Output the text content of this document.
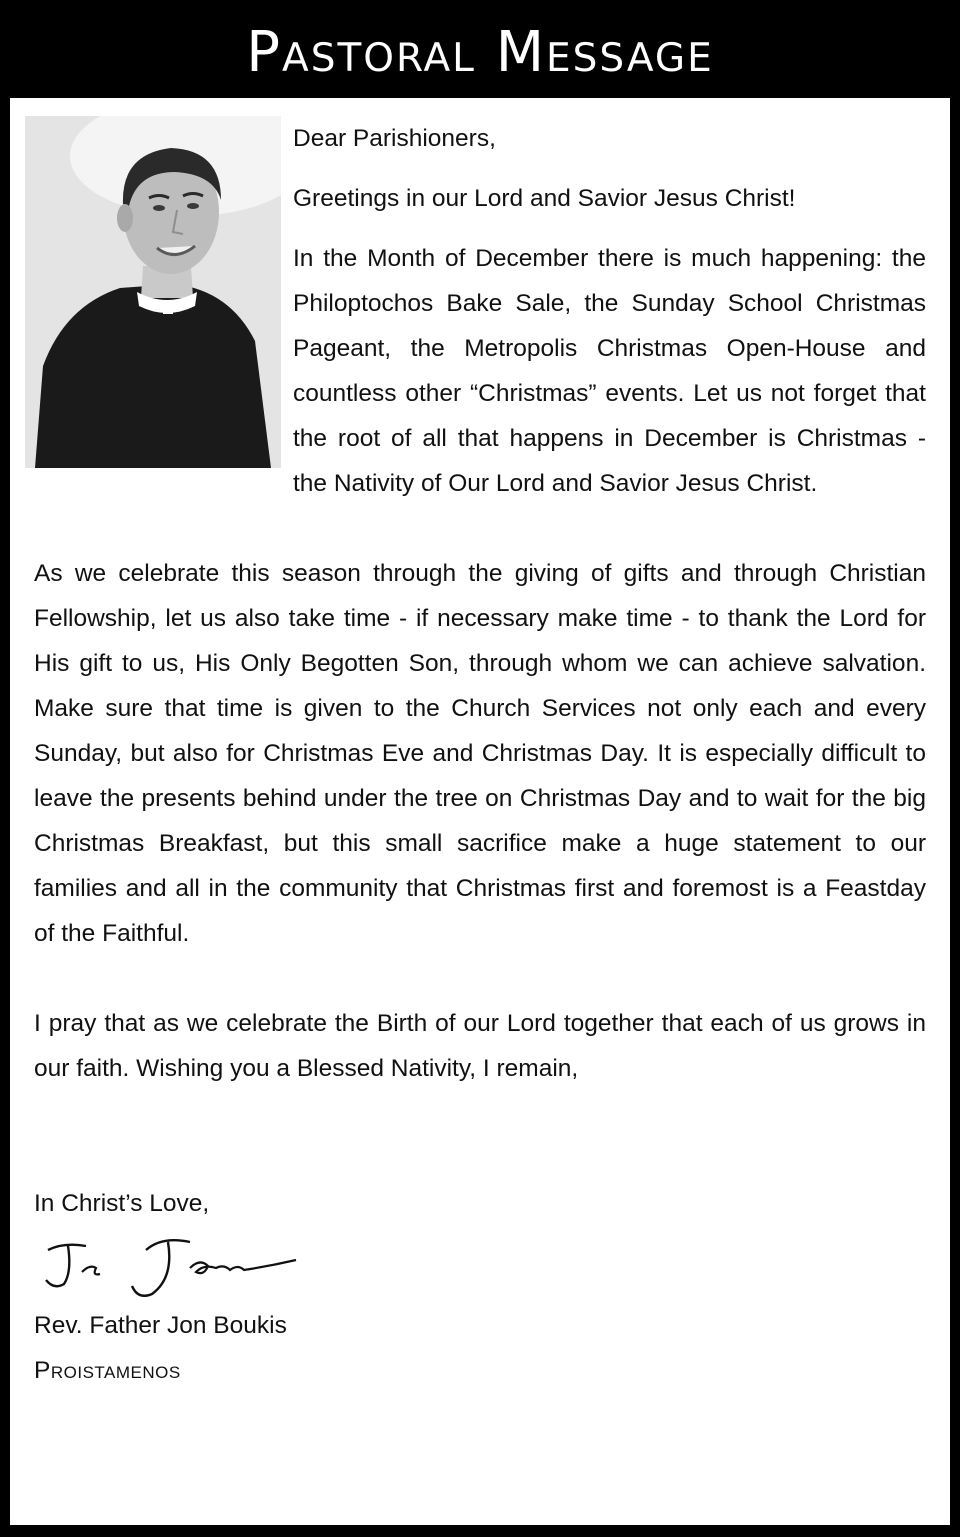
Pastoral Message

Dear Parishioners,

Greetings in our Lord and Savior Jesus Christ!

In the Month of December there is much happening: the Philoptochos Bake Sale, the Sunday School Christmas Pageant, the Metropolis Christmas Open-House and countless other “Christmas” events. Let us not forget that the root of all that happens in December is Christmas - the Nativity of Our Lord and Savior Jesus Christ.

As we celebrate this season through the giving of gifts and through Christian Fellowship, let us also take time - if necessary make time - to thank the Lord for His gift to us, His Only Begotten Son, through whom we can achieve salvation. Make sure that time is given to the Church Services not only each and every Sunday, but also for Christmas Eve and Christmas Day. It is especially difficult to leave the presents behind under the tree on Christmas Day and to wait for the big Christmas Breakfast, but this small sacrifice make a huge statement to our families and all in the community that Christmas first and foremost is a Feastday of the Faithful.

I pray that as we celebrate the Birth of our Lord together that each of us grows in our faith. Wishing you a Blessed Nativity, I remain,

In Christ’s Love,

Rev. Father Jon Boukis

Proistamenos
